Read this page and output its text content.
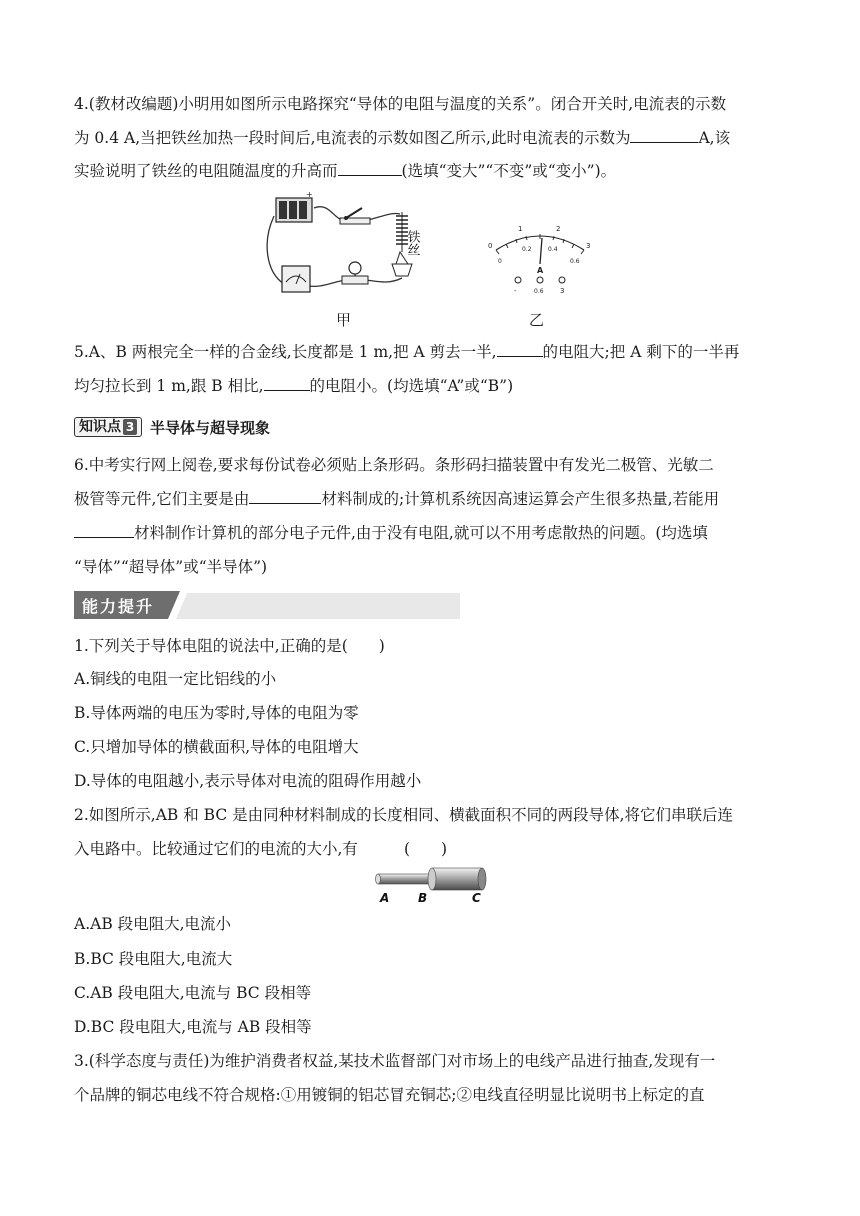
4.(教材改编题)小明用如图所示电路探究“导体的电阻与温度的关系”。闭合开关时,电流表的示数
为 0.4 A,当把铁丝加热一段时间后,电流表的示数如图乙所示,此时电流表的示数为	A,该
实验说明了铁丝的电阻随温度的升高而	(选填“变大”“不变”或“变小”)。
+
铁丝	0
1	2
3
0
0.2	0.4
0.6
A
-	0.6 3
甲	乙
5.A、B 两根完全一样的合金线,长度都是 1 m,把 A 剪去一半,	的电阻大;把 A 剩下的一半再
均匀拉长到 1 m,跟 B 相比,	的电阻小。(均选填“A”或“B”)
知识点 3 半导体与超导现象
6.中考实行网上阅卷,要求每份试卷必须贴上条形码。条形码扫描装置中有发光二极管、光敏二
极管等元件,它们主要是由	材料制成的;计算机系统因高速运算会产生很多热量,若能用
材料制作计算机的部分电子元件,由于没有电阻,就可以不用考虑散热的问题。(均选填
“导体”“超导体”或“半导体”)
能力提升
1.下列关于导体电阻的说法中,正确的是(　　)
A.铜线的电阻一定比铝线的小
B.导体两端的电压为零时,导体的电阻为零
C.只增加导体的横截面积,导体的电阻增大
D.导体的电阻越小,表示导体对电流的阻碍作用越小
2.如图所示,AB 和 BC 是由同种材料制成的长度相同、横截面积不同的两段导体,将它们串联后连
入电路中。比较通过它们的电流的大小,有	(　　)
A B	C
A.AB 段电阻大,电流小
B.BC 段电阻大,电流大
C.AB 段电阻大,电流与 BC 段相等
D.BC 段电阻大,电流与 AB 段相等
3.(科学态度与责任)为维护消费者权益,某技术监督部门对市场上的电线产品进行抽查,发现有一
个品牌的铜芯电线不符合规格:①用镀铜的铝芯冒充铜芯;②电线直径明显比说明书上标定的直
